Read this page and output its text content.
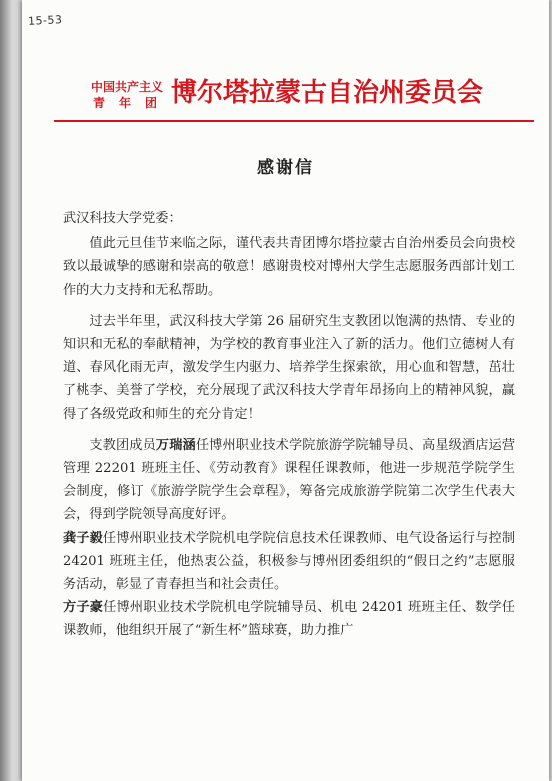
15-53
中国共产主义
青年团 博尔塔拉蒙古自治州委员会
感谢信

武汉科技大学党委：

值此元旦佳节来临之际，谨代表共青团博尔塔拉蒙古自治州委员会向贵校致以最诚挚的感谢和崇高的敬意！感谢贵校对博州大学生志愿服务西部计划工作的大力支持和无私帮助。

过去半年里，武汉科技大学第 26 届研究生支教团以饱满的热情、专业的知识和无私的奉献精神，为学校的教育事业注入了新的活力。他们立德树人有道、春风化雨无声，激发学生内驱力、培养学生探索欲，用心血和智慧，茁壮了桃李、美誉了学校，充分展现了武汉科技大学青年昂扬向上的精神风貌，赢得了各级党政和师生的充分肯定！

支教团成员万瑞涵任博州职业技术学院旅游学院辅导员、高星级酒店运营管理 22201 班班主任、《劳动教育》课程任课教师，他进一步规范学院学生会制度，修订《旅游学院学生会章程》，筹备完成旅游学院第二次学生代表大会，得到学院领导高度好评。
龚子毅任博州职业技术学院机电学院信息技术任课教师、电气设备运行与控制 24201 班班主任，他热衷公益，积极参与博州团委组织的“假日之约”志愿服务活动，彰显了青春担当和社会责任。
方子豪任博州职业技术学院机电学院辅导员、机电 24201 班班主任、数学任课教师，他组织开展了“新生杯”篮球赛，助力推广
